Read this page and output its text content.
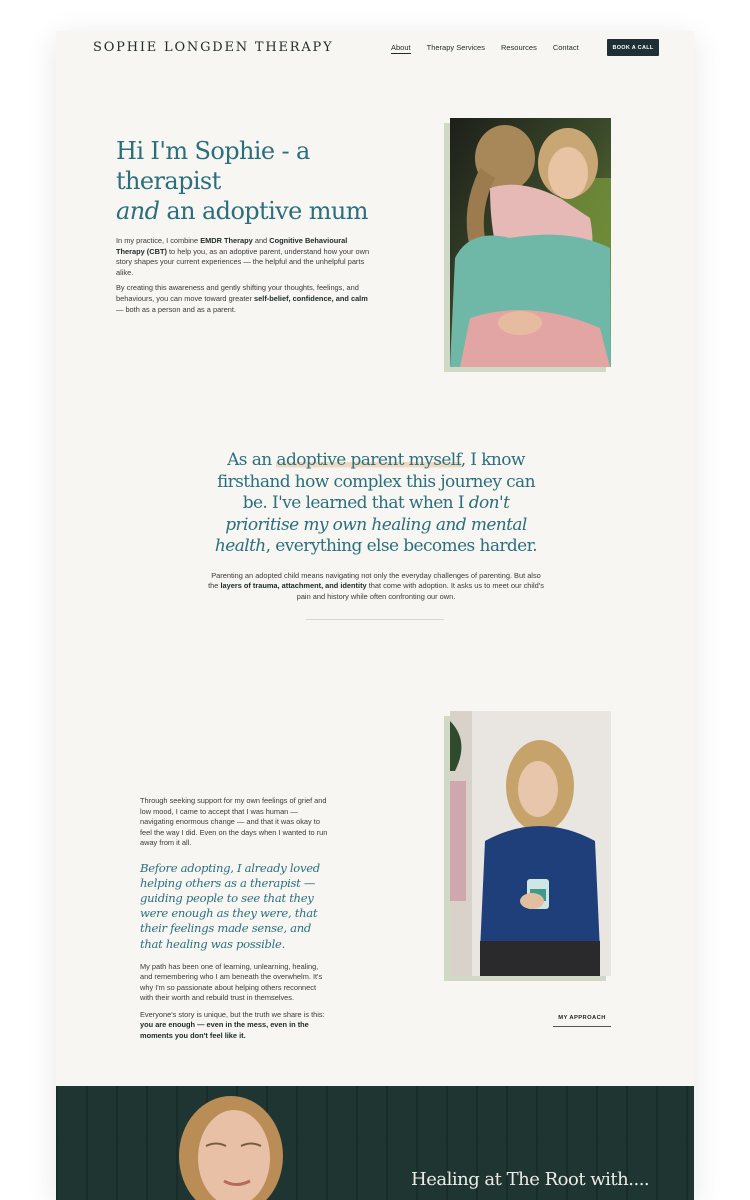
SOPHIE LONGDEN THERAPY	About Therapy Services Resources Contact	BOOK A CALL
Hi I'm Sophie - a therapist
and an adoptive mum

In my practice, I combine EMDR Therapy and Cognitive Behavioural Therapy (CBT) to help you, as an adoptive parent, understand how your own story shapes your current experiences — the helpful and the unhelpful parts alike.

By creating this awareness and gently shifting your thoughts, feelings, and behaviours, you can move toward greater self-belief, confidence, and calm — both as a person and as a parent.

As an adoptive parent myself, I know firsthand how complex this journey can be. I've learned that when I don't prioritise my own healing and mental health, everything else becomes harder.
Parenting an adopted child means navigating not only the everyday challenges of parenting. But also the layers of trauma, attachment, and identity that come with adoption. It asks us to meet our child's pain and history while often confronting our own.

Through seeking support for my own feelings of grief and low mood, I came to accept that I was human — navigating enormous change — and that it was okay to feel the way I did. Even on the days when I wanted to run away from it all.

Before adopting, I already loved helping others as a therapist — guiding people to see that they were enough as they were, that their feelings made sense, and that healing was possible.

My path has been one of learning, unlearning, healing, and remembering who I am beneath the overwhelm. It's why I'm so passionate about helping others reconnect with their worth and rebuild trust in themselves.

Everyone's story is unique, but the truth we share is this: you are enough — even in the mess, even in the moments you don't feel like it.

MY APPROACH
Healing at The Root with....
